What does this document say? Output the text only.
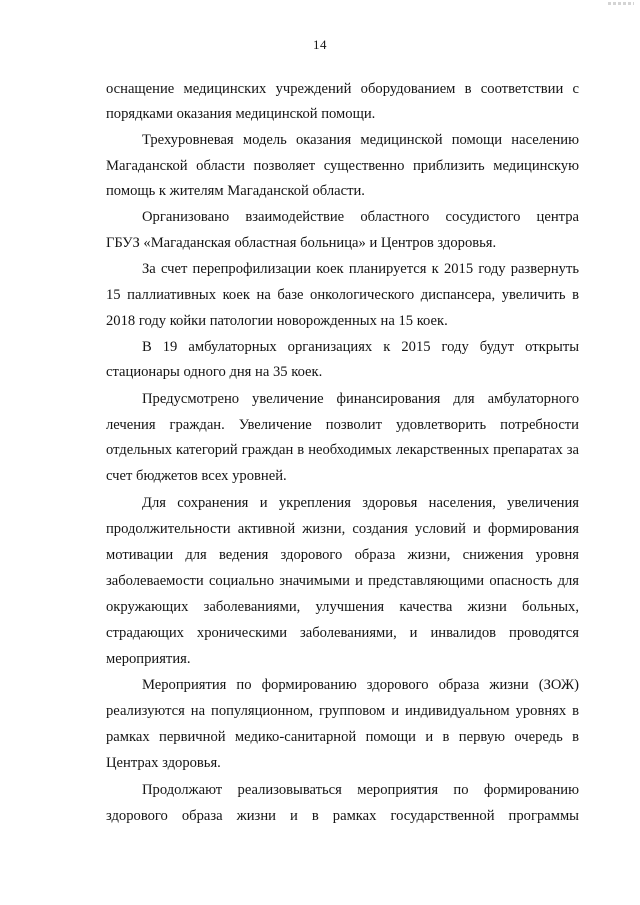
14
оснащение медицинских учреждений оборудованием в соответствии с
порядками оказания медицинской помощи.
Трехуровневая модель оказания медицинской помощи населению
Магаданской области позволяет существенно приблизить медицинскую
помощь к жителям Магаданской области.
Организовано взаимодействие областного сосудистого центра
ГБУЗ «Магаданская областная больница» и Центров здоровья.
За счет перепрофилизации коек планируется к 2015 году развернуть
15 паллиативных коек на базе онкологического диспансера, увеличить в
2018 году койки патологии новорожденных на 15 коек.
В 19 амбулаторных организациях к 2015 году будут открыты
стационары одного дня на 35 коек.
Предусмотрено увеличение финансирования для амбулаторного
лечения граждан. Увеличение позволит удовлетворить потребности
отдельных категорий граждан в необходимых лекарственных препаратах за
счет бюджетов всех уровней.
Для сохранения и укрепления здоровья населения, увеличения
продолжительности активной жизни, создания условий и формирования
мотивации для ведения здорового образа жизни, снижения уровня
заболеваемости социально значимыми и представляющими опасность для
окружающих заболеваниями, улучшения качества жизни больных,
страдающих хроническими заболеваниями, и инвалидов проводятся
мероприятия.
Мероприятия по формированию здорового образа жизни (ЗОЖ)
реализуются на популяционном, групповом и индивидуальном уровнях в
рамках первичной медико-санитарной помощи и в первую очередь в
Центрах здоровья.
Продолжают реализовываться мероприятия по формированию
здорового образа жизни и в рамках государственной программы
